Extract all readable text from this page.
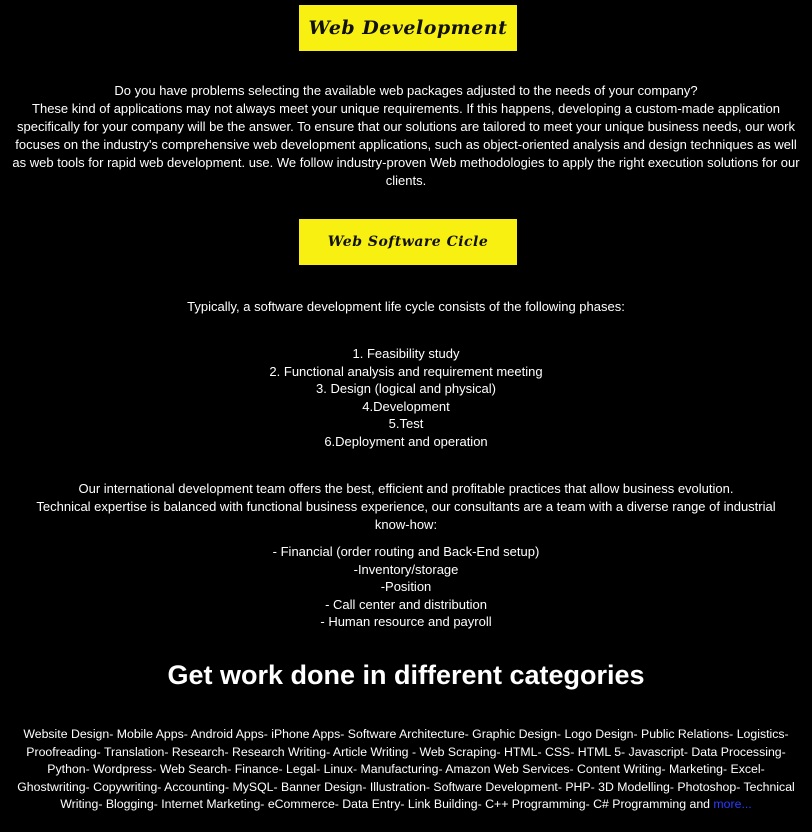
Web Development
Do you have problems selecting the available web packages adjusted to the needs of your company?
These kind of applications may not always meet your unique requirements. If this happens, developing a custom-made application specifically for your company will be the answer. To ensure that our solutions are tailored to meet your unique business needs, our work focuses on the industry's comprehensive web development applications, such as object-oriented analysis and design techniques as well as web tools for rapid web development. use. We follow industry-proven Web methodologies to apply the right execution solutions for our clients.
Web Software Cicle
Typically, a software development life cycle consists of the following phases:
1. Feasibility study
2. Functional analysis and requirement meeting
3. Design (logical and physical)
4.Development
5.Test
6.Deployment and operation
Our international development team offers the best, efficient and profitable practices that allow business evolution.
Technical expertise is balanced with functional business experience, our consultants are a team with a diverse range of industrial know-how:
- Financial (order routing and Back-End setup)
-Inventory/storage
-Position
- Call center and distribution
- Human resource and payroll
Get work done in different categories
Website Design- Mobile Apps- Android Apps- iPhone Apps- Software Architecture- Graphic Design- Logo Design- Public Relations- Logistics- Proofreading- Translation- Research- Research Writing- Article Writing - Web Scraping- HTML- CSS- HTML 5- Javascript- Data Processing- Python- Wordpress- Web Search- Finance- Legal- Linux- Manufacturing- Amazon Web Services- Content Writing- Marketing- Excel- Ghostwriting- Copywriting- Accounting- MySQL- Banner Design- Illustration- Software Development- PHP- 3D Modelling- Photoshop- Technical Writing- Blogging- Internet Marketing- eCommerce- Data Entry- Link Building- C++ Programming- C# Programming and more...
